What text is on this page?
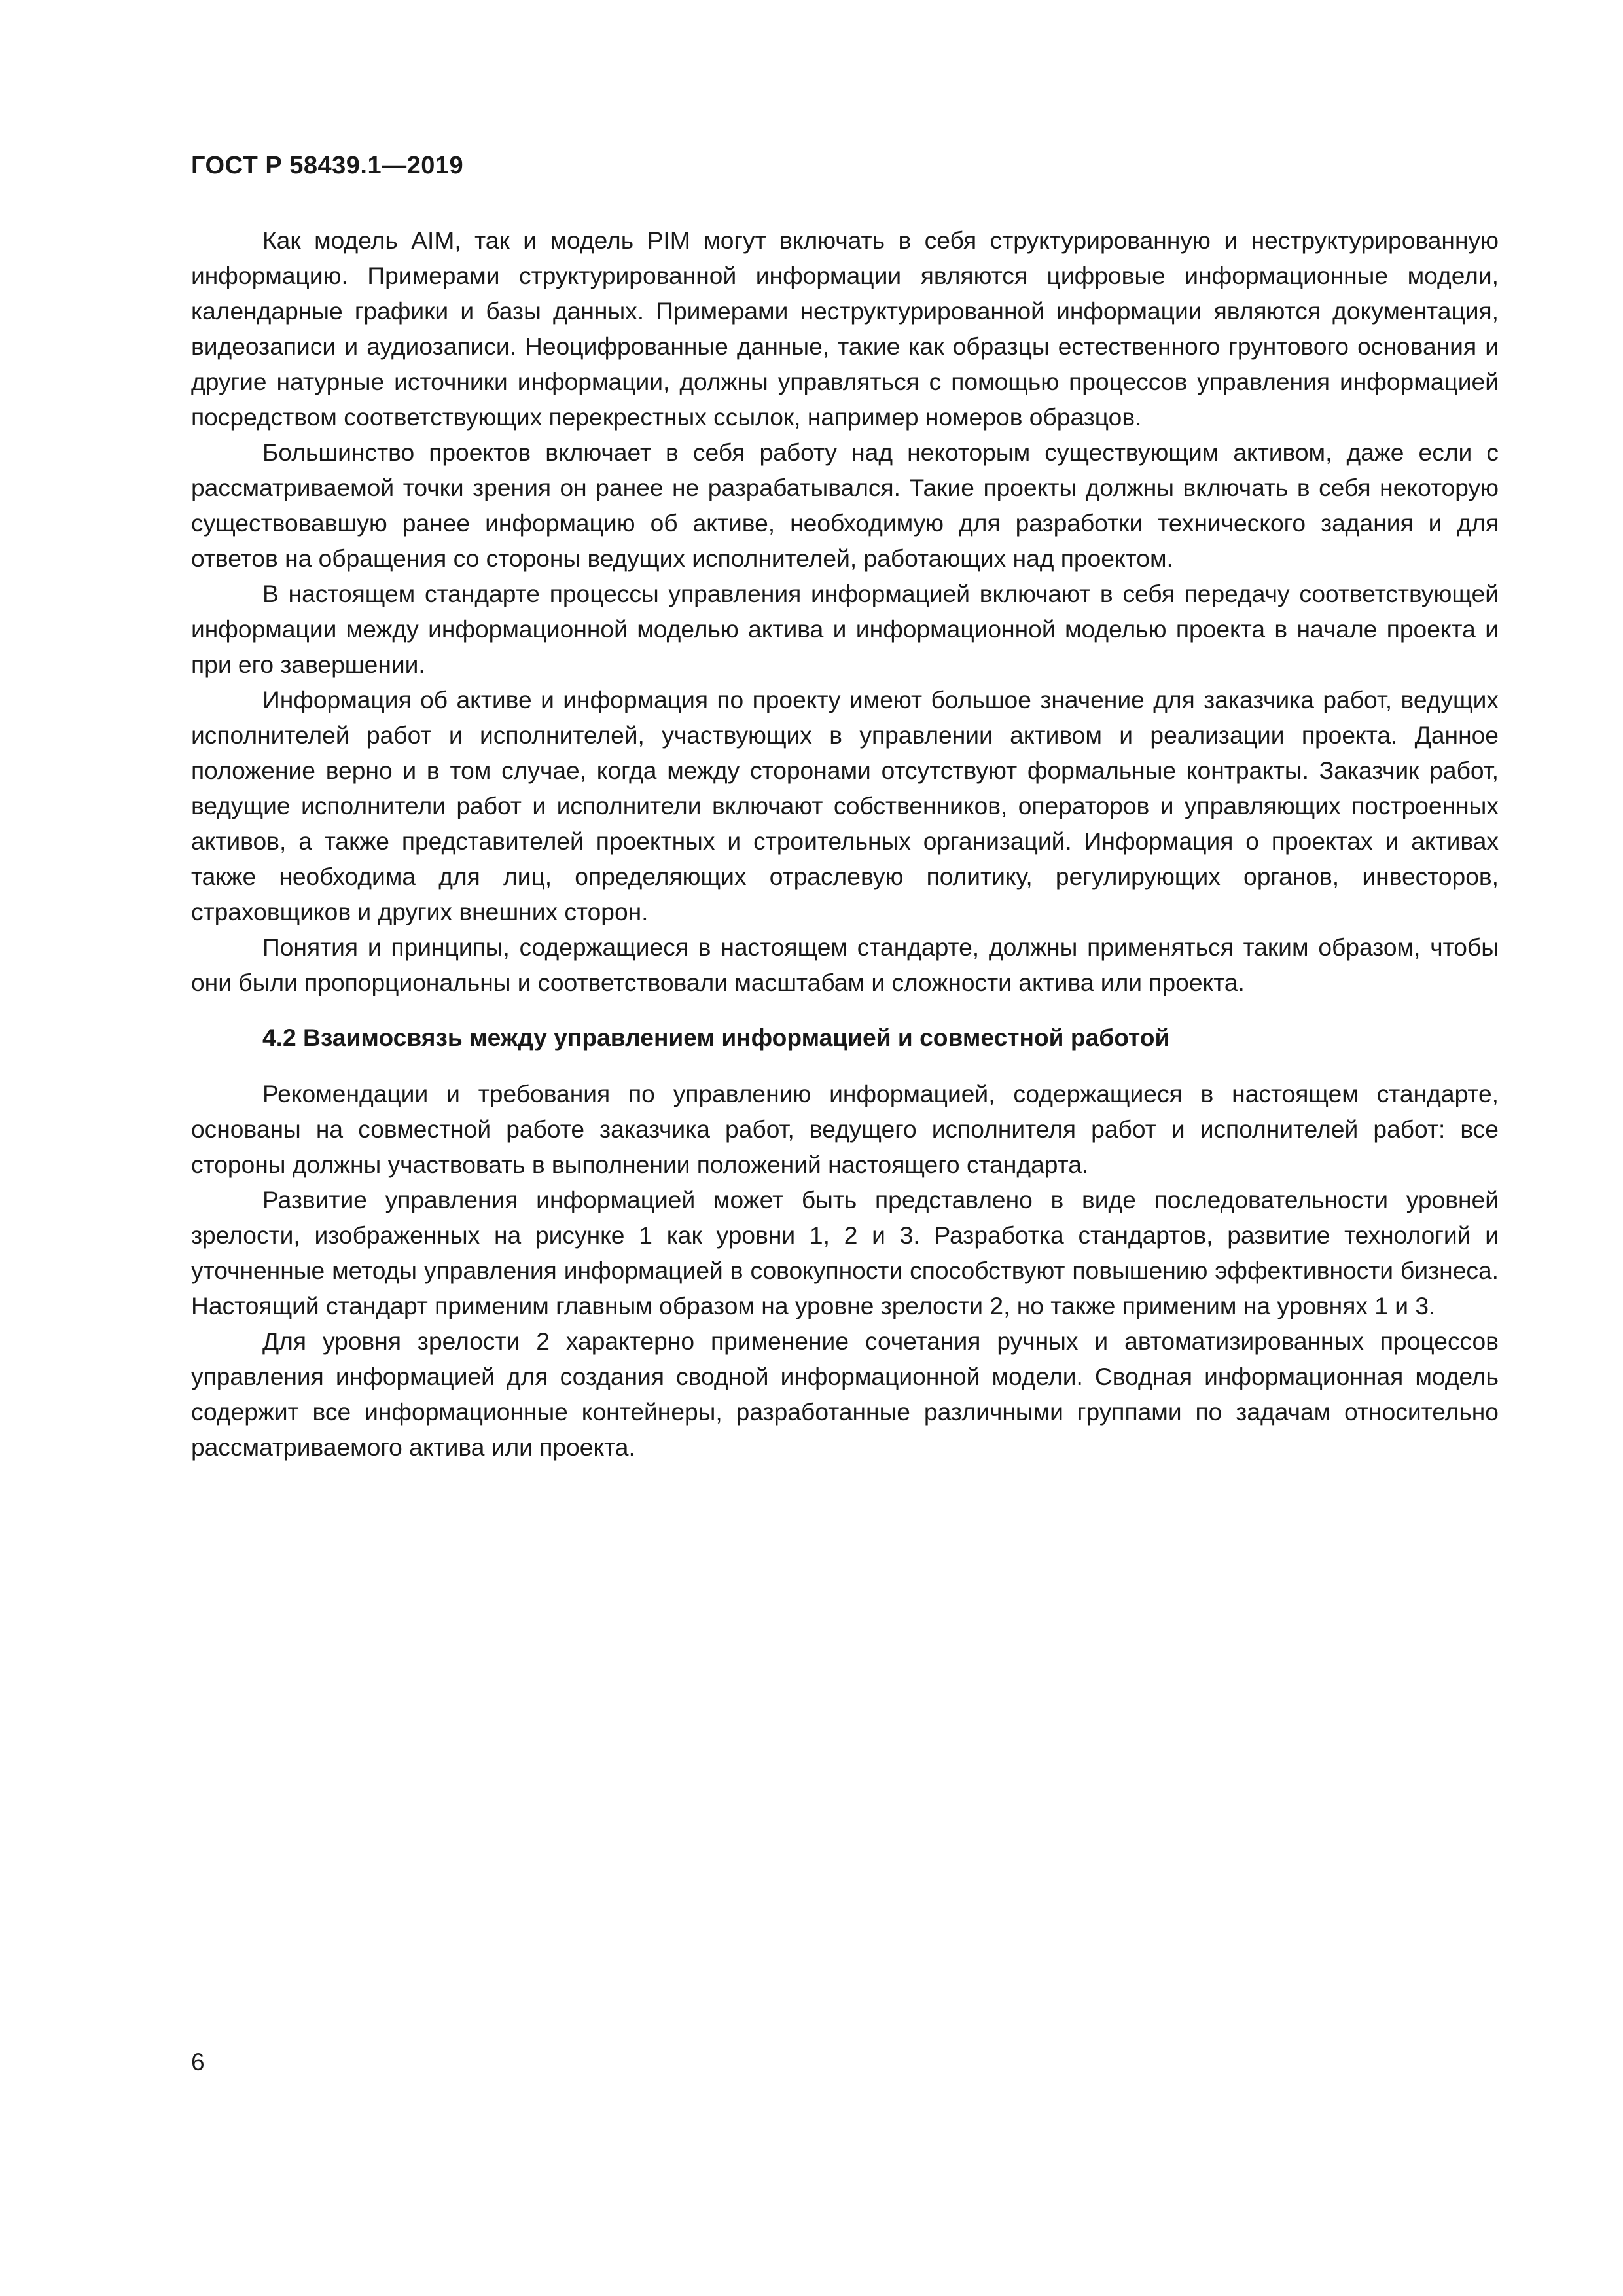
ГОСТ Р 58439.1—2019

Как модель AIM, так и модель PIM могут включать в себя структурированную и неструктурированную информацию. Примерами структурированной информации являются цифровые информационные модели, календарные графики и базы данных. Примерами неструктурированной информации являются документация, видеозаписи и аудиозаписи. Неоцифрованные данные, такие как образцы естественного грунтового основания и другие натурные источники информации, должны управляться с помощью процессов управления информацией посредством соответствующих перекрестных ссылок, например номеров образцов.

Большинство проектов включает в себя работу над некоторым существующим активом, даже если с рассматриваемой точки зрения он ранее не разрабатывался. Такие проекты должны включать в себя некоторую существовавшую ранее информацию об активе, необходимую для разработки технического задания и для ответов на обращения со стороны ведущих исполнителей, работающих над проектом.

В настоящем стандарте процессы управления информацией включают в себя передачу соответствующей информации между информационной моделью актива и информационной моделью проекта в начале проекта и при его завершении.

Информация об активе и информация по проекту имеют большое значение для заказчика работ, ведущих исполнителей работ и исполнителей, участвующих в управлении активом и реализации проекта. Данное положение верно и в том случае, когда между сторонами отсутствуют формальные контракты. Заказчик работ, ведущие исполнители работ и исполнители включают собственников, операторов и управляющих построенных активов, а также представителей проектных и строительных организаций. Информация о проектах и активах также необходима для лиц, определяющих отраслевую политику, регулирующих органов, инвесторов, страховщиков и других внешних сторон.

Понятия и принципы, содержащиеся в настоящем стандарте, должны применяться таким образом, чтобы они были пропорциональны и соответствовали масштабам и сложности актива или проекта.

4.2 Взаимосвязь между управлением информацией и совместной работой

Рекомендации и требования по управлению информацией, содержащиеся в настоящем стандарте, основаны на совместной работе заказчика работ, ведущего исполнителя работ и исполнителей работ: все стороны должны участвовать в выполнении положений настоящего стандарта.

Развитие управления информацией может быть представлено в виде последовательности уровней зрелости, изображенных на рисунке 1 как уровни 1, 2 и 3. Разработка стандартов, развитие технологий и уточненные методы управления информацией в совокупности способствуют повышению эффективности бизнеса. Настоящий стандарт применим главным образом на уровне зрелости 2, но также применим на уровнях 1 и 3.

Для уровня зрелости 2 характерно применение сочетания ручных и автоматизированных процессов управления информацией для создания сводной информационной модели. Сводная информационная модель содержит все информационные контейнеры, разработанные различными группами по задачам относительно рассматриваемого актива или проекта.

6
